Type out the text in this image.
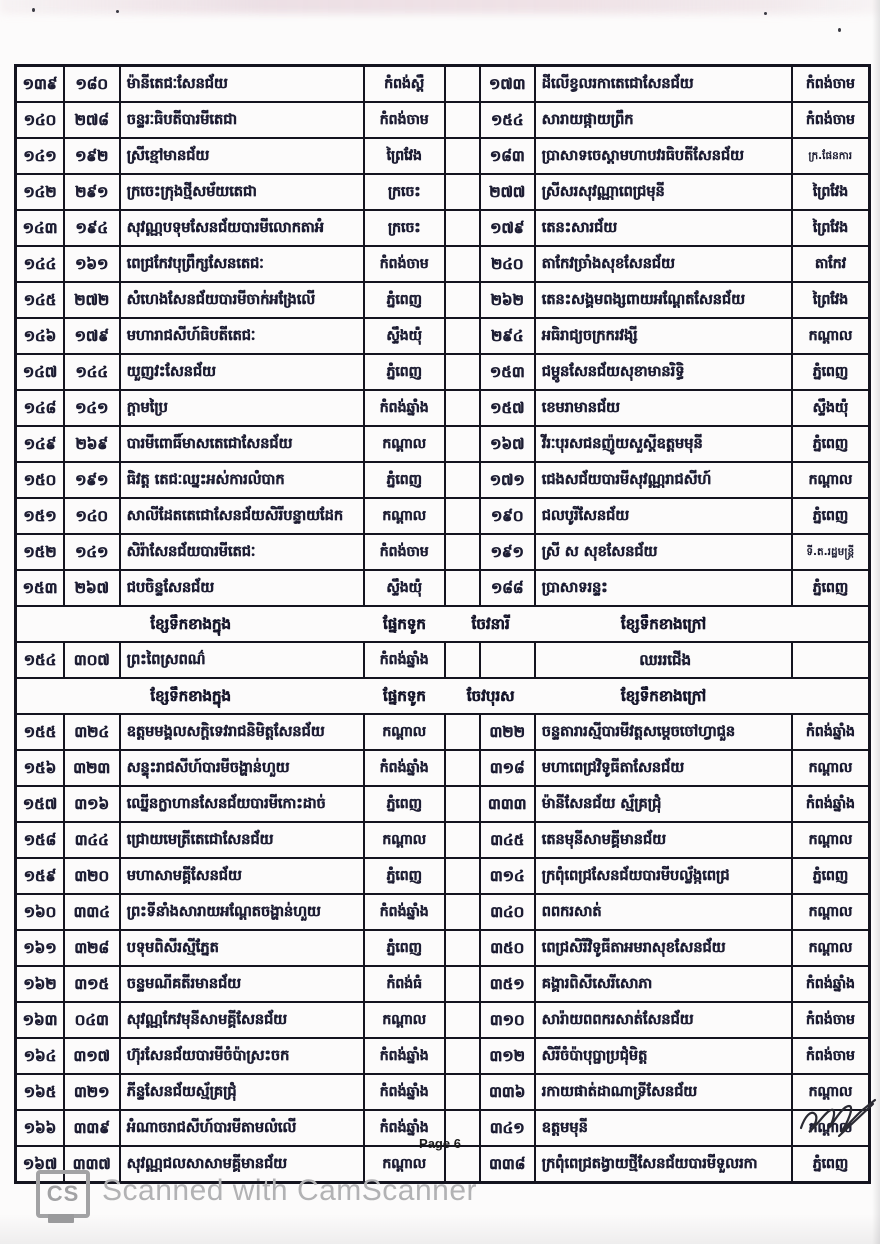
១៣៩	១៨០	ម៉ានីតេជៈសែនជ័យ	កំពង់ស្ពឺ		១៧៣	ដីលើខ្វលរកាតេជោសែនជ័យ	កំពង់ចាម
១៤០	២៧៨	ចន្ទរៈធិបតីបារមីតេជា	កំពង់ចាម		១៥៤	សារាយផ្កាយព្រឹក	កំពង់ចាម
១៤១	១៩២	ស្រីខ្មៅមានជ័យ	ព្រៃវែង		១៨៣	ប្រាសាទចេស្តាមហាបវរធិបតីសែនជ័យ	ក្រ.ផែនការ
១៤២	២៩១	ក្រចេះក្រុងថ្មីសម័យតេជា	ក្រចេះ		២៧៧	ស្រីសរសុវណ្ណាពេជ្រមុនី	ព្រៃវែង
១៤៣	១៩៤	សុវណ្ណបទុមសែនជ័យបារមីលោកតាអំ	ក្រចេះ		១៧៩	តេនះសារជ័យ	ព្រៃវែង
១៤៤	១៦១	ពេជ្រកែវបុព្រឹក្សសែនតេជៈ	កំពង់ចាម		២៤០	តាកែវច្រាំងសុខសែនជ័យ	តាកែវ
១៤៥	២៧២	សំហេងសែនជ័យបារមីចាក់អង្រែលើ	ភ្នំពេញ		២៦២	តេនះសង្គមពង្សពាយអណ្តែតសែនជ័យ	ព្រៃវែង
១៤៦	១៧៩	មហារាជសីហ៍ធិបតីតេជៈ	ស្ទឹងយ៉ុំ		២៩៤	អធិរាជ្យចក្រករវង្សី	កណ្តាល
១៤៧	១៤៤	យួញវះសែនជ័យ	ភ្នំពេញ		១៥៣	ជម្ពូនសែនជ័យសុខាមានរិទ្ធិ	ភ្នំពេញ
១៤៨	១៤១	ក្តាមប្រៃ	កំពង់ឆ្នាំង		១៥៧	ខេមរាមានជ័យ	ស្ទឹងយ៉ុំ
១៤៩	២៦៩	បារមីពោធិ៍មាសតេជោសែនជ័យ	កណ្តាល		១៦៧	វីរៈបុរសជនញ៉ូយសួស្តីឧត្តមមុនី	ភ្នំពេញ
១៥០	១៩១	ធិវត្ត តេជៈឈ្នះអស់ការលំបាក	ភ្នំពេញ		១៧១	ជេងសជ័យបារមីសុវណ្ណរាជសីហ៍	កណ្តាល
១៥១	១៤០	សាលីដែតតេជោសែនជ័យសិរីបន្ទាយដែក	កណ្តាល		១៩០	ជលបូរីសែនជ័យ	ភ្នំពេញ
១៥២	១៤១	សិរ៉ាសែនជ័យបារមីតេជៈ	កំពង់ចាម		១៩១	ស្រី ស សុខសែនជ័យ	ទី.ត.រដ្ឋមន្ត្រី
១៥៣	២៦៧	ជបចិន្ទសែនជ័យ	ស្ទឹងយ៉ុំ		១៨៨	ប្រាសាទរន្ទះ	ភ្នំពេញ

ខ្សែទឹកខាងក្នុង ផ្នែកទូក ចែវនារី ខ្សែទឹកខាងក្រៅ							

១៥៤	៣០៧	ព្រះពៃស្រពណ៌	កំពង់ឆ្នាំង			ឈររជើង	

ខ្សែទឹកខាងក្នុង ផ្នែកទូក ចែវបុរស ខ្សែទឹកខាងក្រៅ							

១៥៥	៣២៤	ឧត្តមមង្គលសក្តិទេវរាជនិមិត្តសែនជ័យ	កណ្តាល		៣២២	ចន្ទតារារស្មីបារមីវត្តសម្តេចចៅហ្វាជួន	កំពង់ឆ្នាំង
១៥៦	៣២៣	សន្ទុះរាជសីហ៍បារមីចង្ហាន់ហួយ	កំពង់ឆ្នាំង		៣១៨	មហាពេជ្រវិទូធីតាសែនជ័យ	កណ្តាល
១៥៧	៣១៦	ឈ្នើនក្លាហានសែនជ័យបារមីកោះដាច់	ភ្នំពេញ		៣៣៣	ម៉ានីសែនជ័យ ស្ម័គ្រជ្រុំ	កំពង់ឆ្នាំង
១៥៨	៣៤៤	ជ្រោយមេត្រីតេជោសែនជ័យ	កណ្តាល		៣៤៥	តេនមុនីសាមគ្គីមានជ័យ	កណ្តាល
១៥៩	៣២០	មហាសាមគ្គីសែនជ័យ	ភ្នំពេញ		៣១៤	ក្រពុំពេជ្រសែនជ័យបារមីបល្ល័ង្កពេជ្រ	ភ្នំពេញ
១៦០	៣៣៤	ព្រះទីនាំងសារាយអណ្តែតចង្ហាន់ហួយ	កំពង់ឆ្នាំង		៣៤០	ពពករសាត់	កណ្តាល
១៦១	៣២៨	បទុមពិសីរស្មីភ្នែត	ភ្នំពេញ		៣៥០	ពេជ្រសិរីវិទូធីតាអមរាសុខសែនជ័យ	កណ្តាល
១៦២	៣១៥	ចន្ទមណីគតីរមានជ័យ	កំពង់ធំ		៣៥១	គង្គារពិសីសេរីសោភា	កំពង់ឆ្នាំង
១៦៣	០៤៣	សុវណ្ណកែវមុនីសាមគ្គីសែនជ័យ	កណ្តាល		៣១០	សារ៉ាយពពករសាត់សែនជ័យ	កំពង់ចាម
១៦៤	៣១៧	ហ៊ុរសែនជ័យបារមីចំប៉ាស្រះចក	កំពង់ឆ្នាំង		៣១២	សិរីចំប៉ាបុប្ផាប្រជុំមិត្ត	កំពង់ចាម
១៦៥	៣២១	ភីន្ទសែនជ័យស្ម័គ្រជ្រុំ	កំពង់ឆ្នាំង		៣៣៦	រកាយផាត់ដាណាទ្រីសែនជ័យ	កណ្តាល
១៦៦	៣៣៩	អំណាចរាជសីហ៍បារមីតាមលំលើ	កំពង់ឆ្នាំង		៣៤១	ឧត្តមមុនី	កណ្តាល
១៦៧	៣៣៧	សុវណ្ណជលសាសាមគ្គីមានជ័យ	កណ្តាល		៣៣៨	ក្រពុំពេជ្រតង្វាយថ្មីសែនជ័យបារមីទួលរកា	ភ្នំពេញ
Page 6
CS Scanned with CamScanner
